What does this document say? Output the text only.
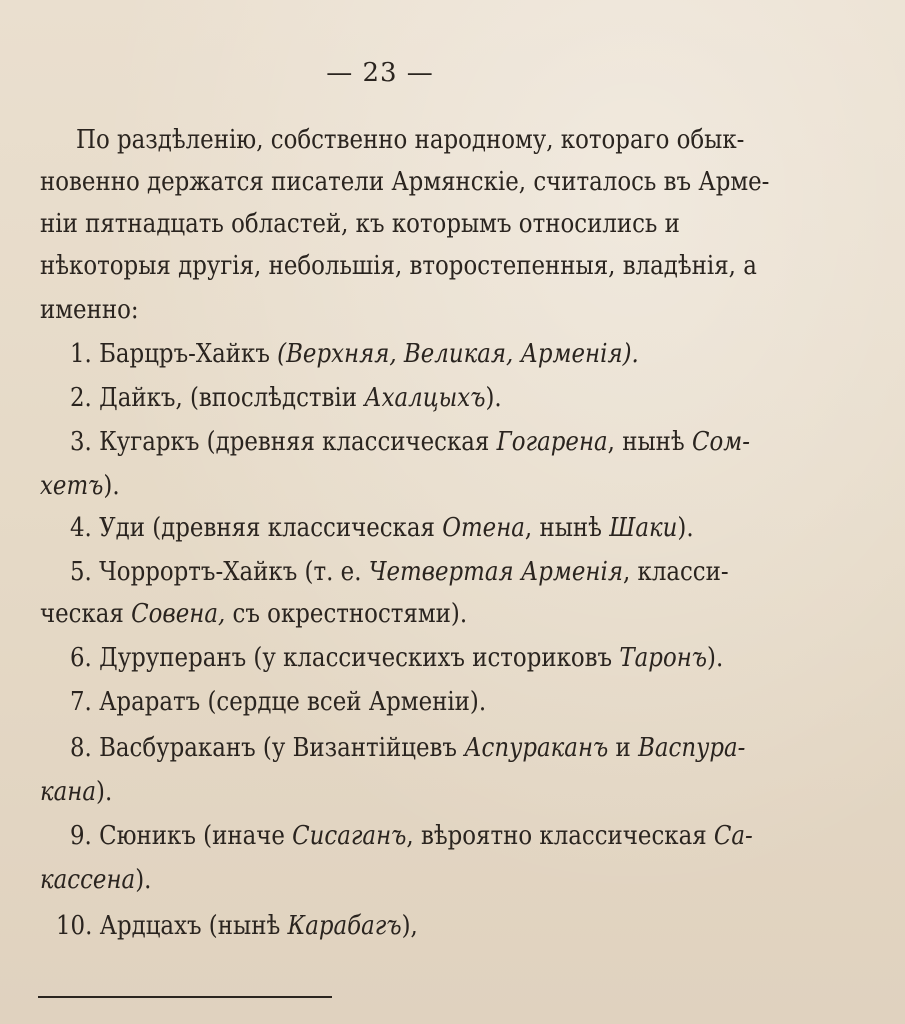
— 23 —
По раздѣленію, собственно народному, котораго обык-
новенно держатся писатели Армянскіе, считалось въ Арме-
ніи пятнадцать областей, къ которымъ относились и
нѣкоторыя другія, небольшія, второстепенныя, владѣнія, а
именно:
1. Барцръ-Хайкъ (Верхняя, Великая, Арменія).
2. Дайкъ, (впослѣдствіи Ахалцыхъ).
3. Кугаркъ (древняя классическая Гогарена, нынѣ Сом-
хетъ).
4. Уди (древняя классическая Отена, нынѣ Шаки).
5. Чоррортъ-Хайкъ (т. е. Четвертая Арменія, класси-
ческая Совена, съ окрестностями).
6. Дуруперанъ (у классическихъ историковъ Таронъ).
7. Араратъ (сердце всей Арменіи).
8. Васбураканъ (у Византійцевъ Аспураканъ и Васпура-
кана).
9. Сюникъ (иначе Сисаганъ, вѣроятно классическая Са-
кассена).
10. Ардцахъ (нынѣ Карабагъ),
